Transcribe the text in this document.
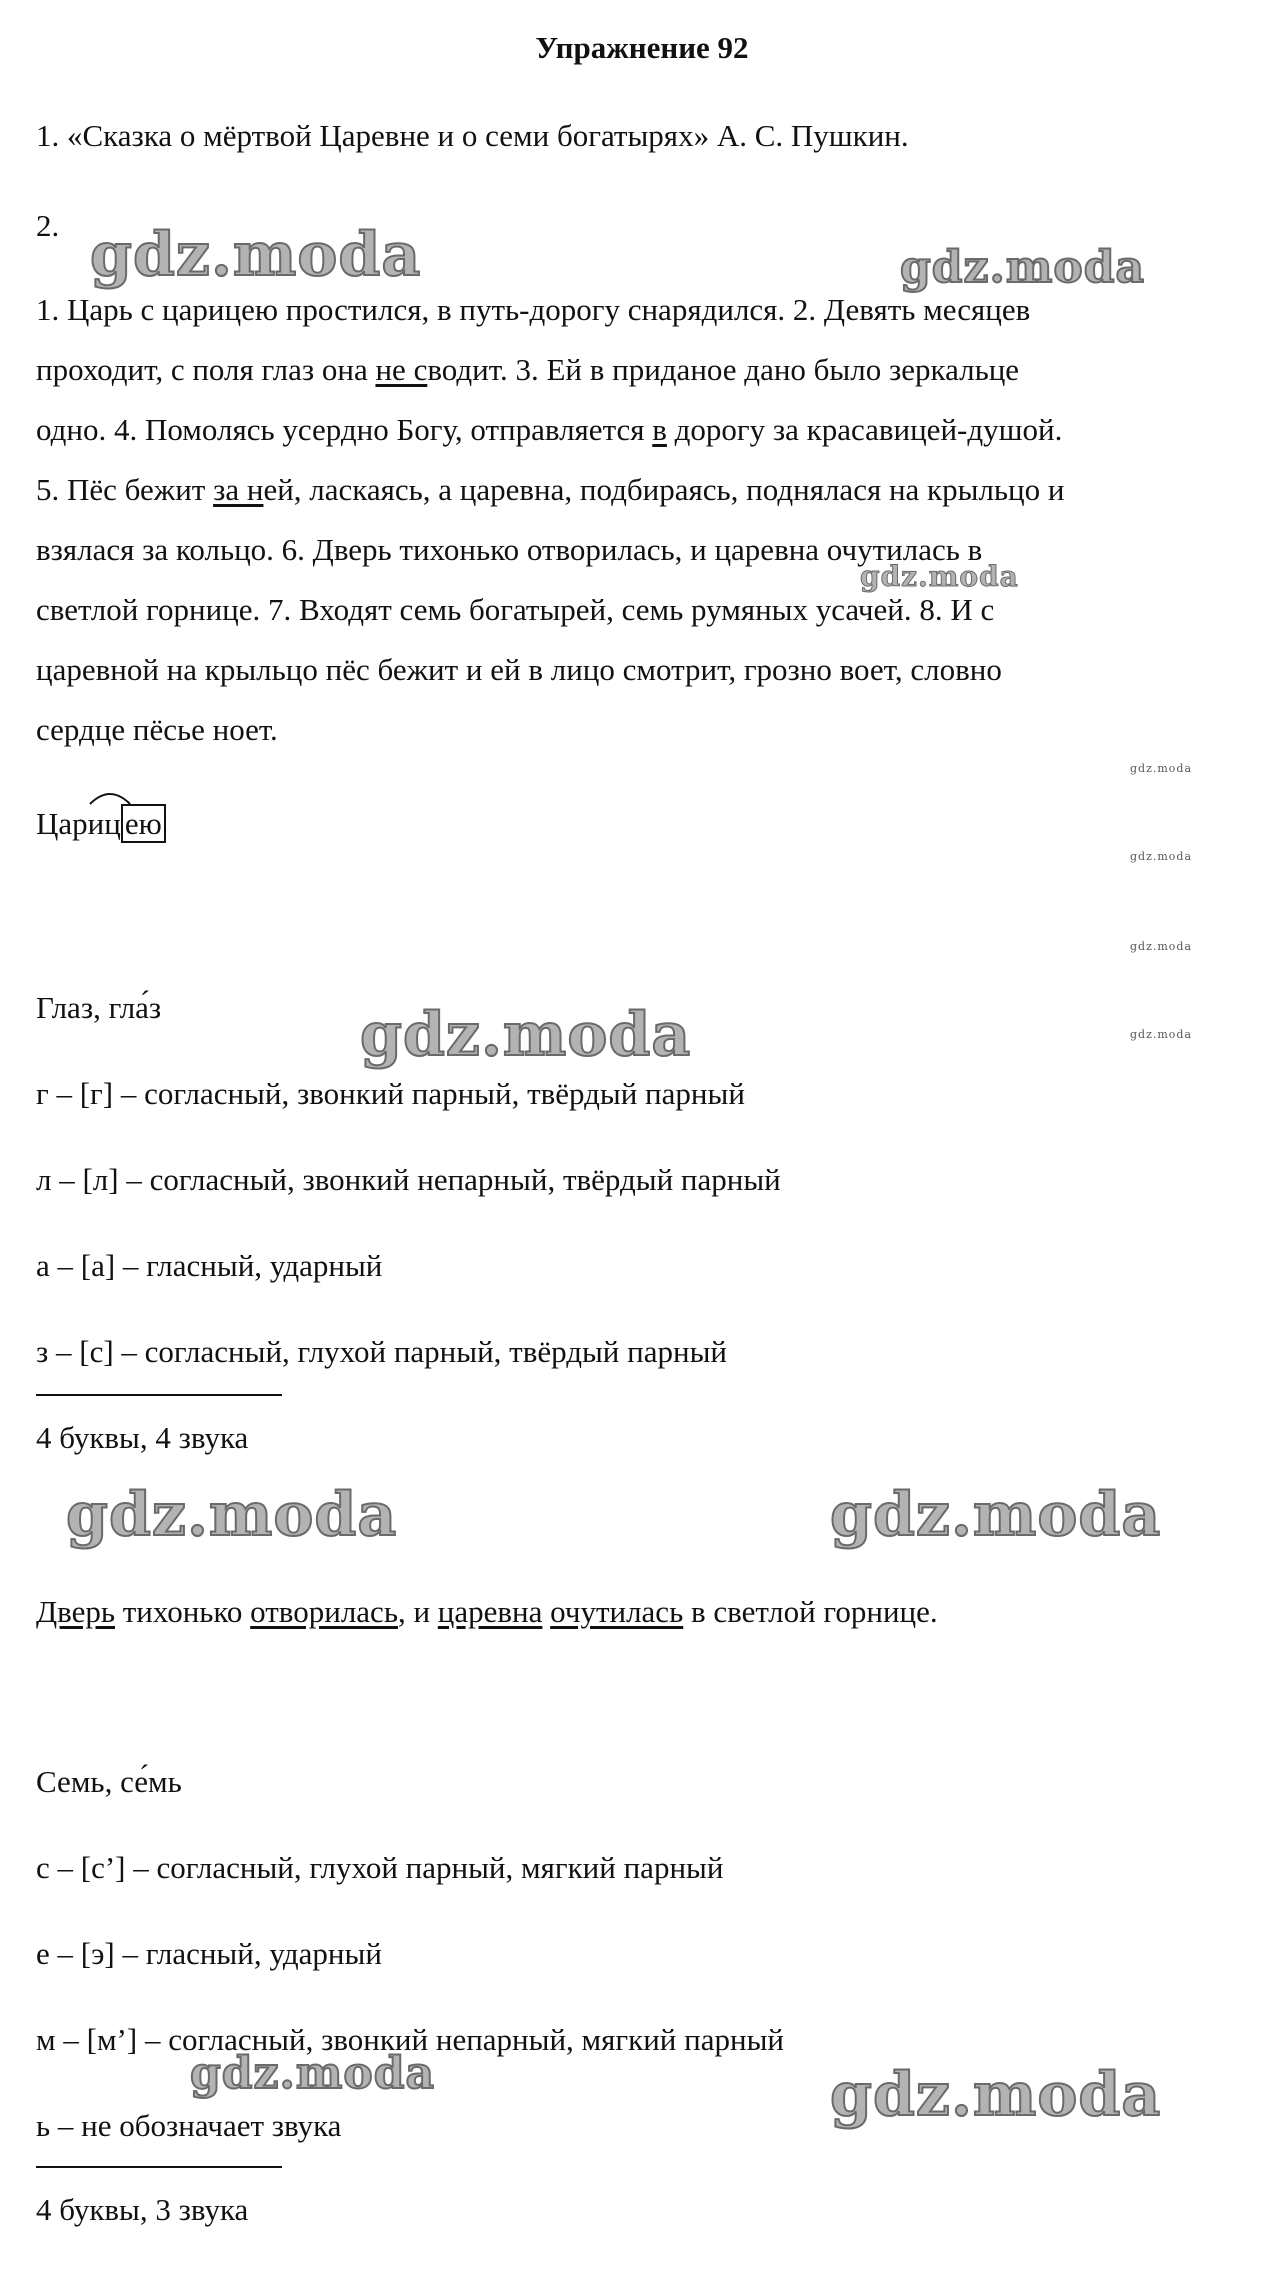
Упражнение 92
1. «Сказка о мёртвой Царевне и о семи богатырях» А. С. Пушкин.
2.
1. Царь с царицею простился, в путь-дорогу снарядился. 2. Девять месяцев
проходит, с поля глаз она не сводит. 3. Ей в приданое дано было зеркальце
одно. 4. Помолясь усердно Богу, отправляется в дорогу за красавицей-душой.
5. Пёс бежит за ней, ласкаясь, а царевна, подбираясь, поднялася на крыльцо и
взялася за кольцо. 6. Дверь тихонько отворилась, и царевна очутилась в
светлой горнице. 7. Входят семь богатырей, семь румяных усачей. 8. И с
царевной на крыльцо пёс бежит и ей в лицо смотрит, грозно воет, словно
сердце пёсье ноет.
Цар
иц ею
Глаз, гла́з
г – [г] – согласный, звонкий парный, твёрдый парный
л – [л] – согласный, звонкий непарный, твёрдый парный
а – [а] – гласный, ударный
з – [с] – согласный, глухой парный, твёрдый парный
4 буквы, 4 звука
Дверь тихонько отворилась, и царевна очутилась в светлой горнице.
Семь, се́мь
с – [с’] – согласный, глухой парный, мягкий парный
е – [э] – гласный, ударный
м – [м’] – согласный, звонкий непарный, мягкий парный
ь – не обозначает звука
4 буквы, 3 звука
gdz.moda	gdz.moda
gdz.moda
gdz.moda
gdz.moda	gdz.moda
gdz.moda	gdz.moda
gdz.moda
gdz.moda
gdz.moda
gdz.moda
